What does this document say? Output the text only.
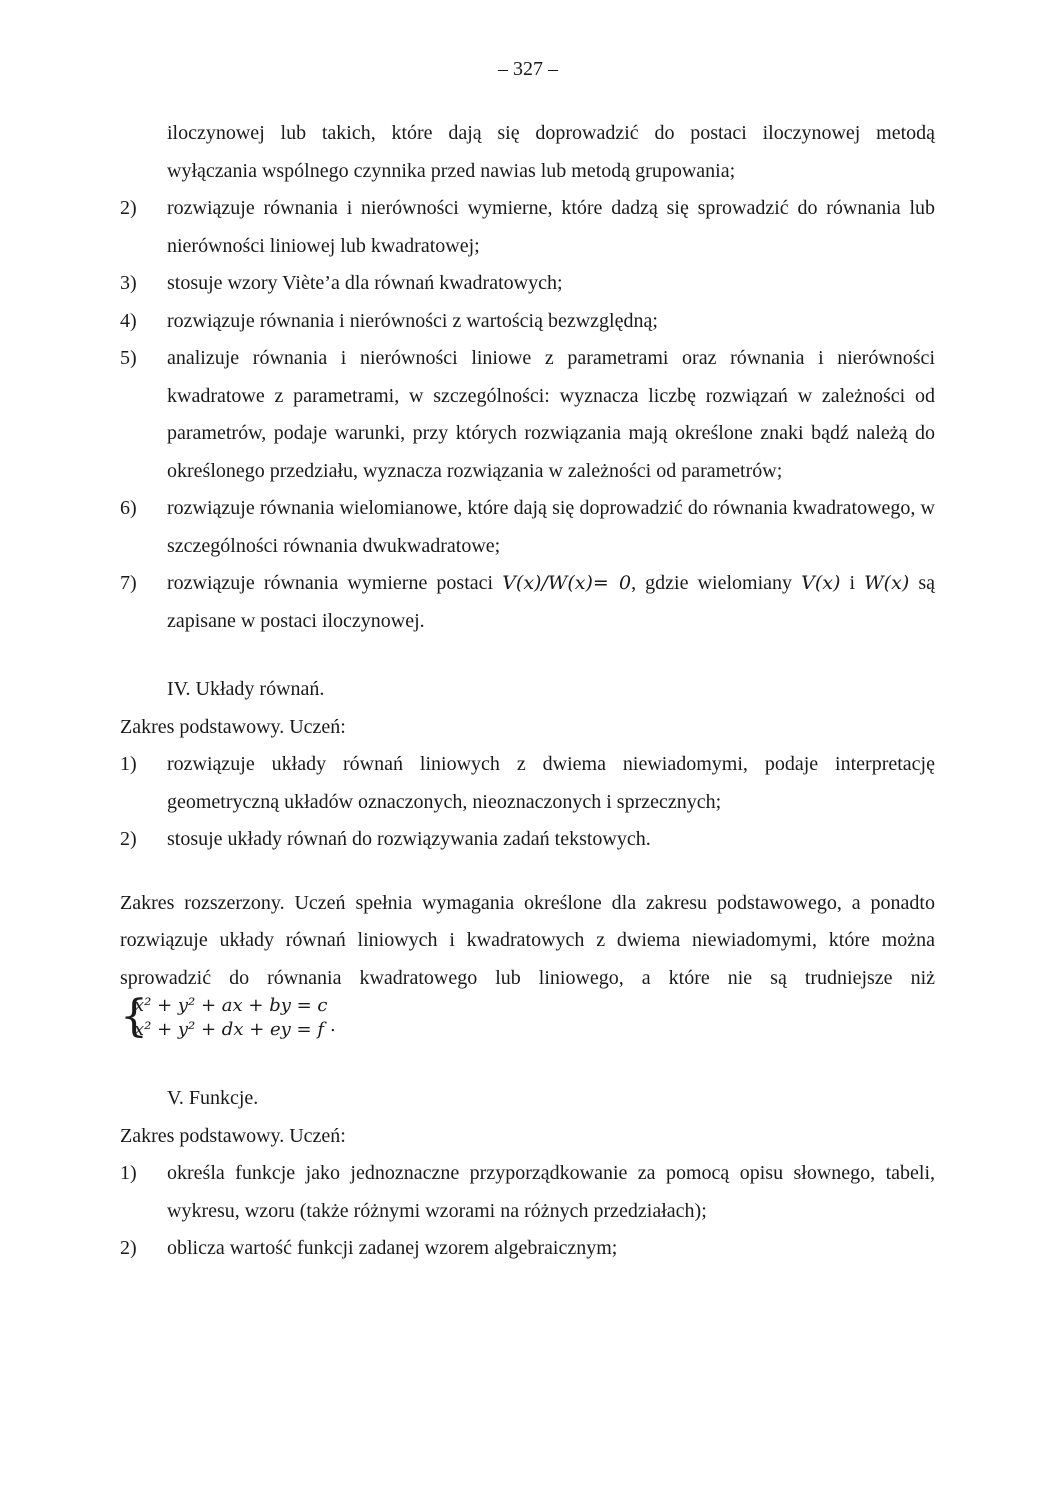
– 327 –
iloczynowej lub takich, które dają się doprowadzić do postaci iloczynowej metodą
wyłączania wspólnego czynnika przed nawias lub metodą grupowania;
2) rozwiązuje równania i nierówności wymierne, które dadzą się sprowadzić do równania lub nierówności liniowej lub kwadratowej;
3) stosuje wzory Viète’a dla równań kwadratowych;
4) rozwiązuje równania i nierówności z wartością bezwzględną;
5) analizuje równania i nierówności liniowe z parametrami oraz równania i nierówności kwadratowe z parametrami, w szczególności: wyznacza liczbę rozwiązań w zależności od parametrów, podaje warunki, przy których rozwiązania mają określone znaki bądź należą do określonego przedziału, wyznacza rozwiązania w zależności od parametrów;
6) rozwiązuje równania wielomianowe, które dają się doprowadzić do równania kwadratowego, w szczególności równania dwukwadratowe;
7) rozwiązuje równania wymierne postaci V(x)/W(x)= 0, gdzie wielomiany V(x) i W(x) są zapisane w postaci iloczynowej.
IV. Układy równań.
Zakres podstawowy. Uczeń:
1) rozwiązuje układy równań liniowych z dwiema niewiadomymi, podaje interpretację geometryczną układów oznaczonych, nieoznaczonych i sprzecznych;
2) stosuje układy równań do rozwiązywania zadań tekstowych.
Zakres rozszerzony. Uczeń spełnia wymagania określone dla zakresu podstawowego, a ponadto rozwiązuje układy równań liniowych i kwadratowych z dwiema niewiadomymi, które można sprowadzić do równania kwadratowego lub liniowego, a które nie są trudniejsze niż
{
x² + y² + ax + by = c
x² + y² + dx + ey = f .
V. Funkcje.
Zakres podstawowy. Uczeń:
1) określa funkcje jako jednoznaczne przyporządkowanie za pomocą opisu słownego, tabeli, wykresu, wzoru (także różnymi wzorami na różnych przedziałach);
2) oblicza wartość funkcji zadanej wzorem algebraicznym;
